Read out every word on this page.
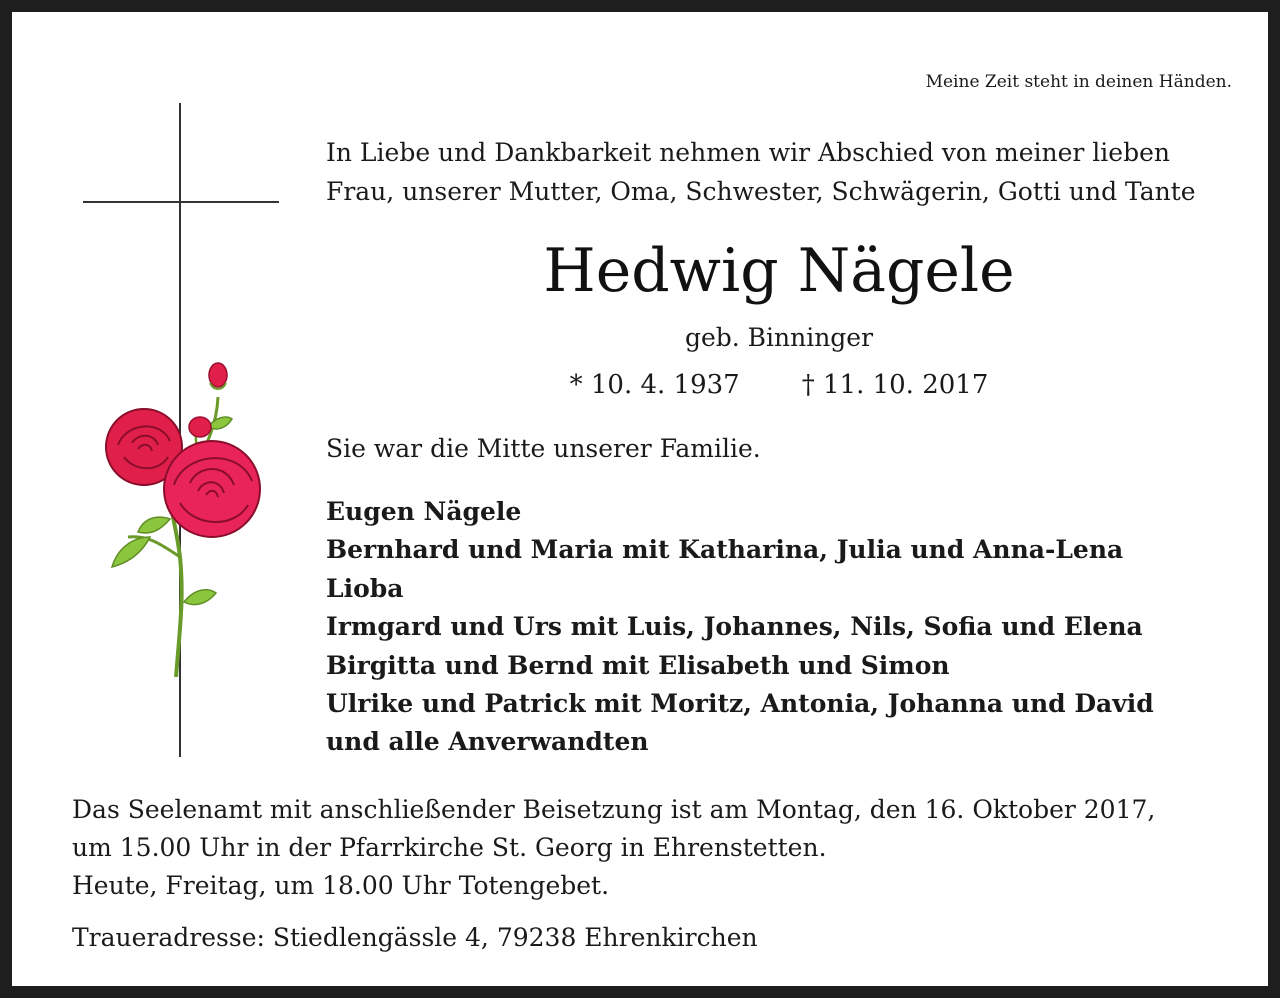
Meine Zeit steht in deinen Händen.
In Liebe und Dankbarkeit nehmen wir Abschied von meiner lieben
Frau, unserer Mutter, Oma, Schwester, Schwägerin, Gotti und Tante
Hedwig Nägele
geb. Binninger
* 10. 4. 1937 † 11. 10. 2017
Sie war die Mitte unserer Familie.
Eugen Nägele
Bernhard und Maria mit Katharina, Julia und Anna-Lena
Lioba
Irmgard und Urs mit Luis, Johannes, Nils, Sofia und Elena
Birgitta und Bernd mit Elisabeth und Simon
Ulrike und Patrick mit Moritz, Antonia, Johanna und David
und alle Anverwandten
Das Seelenamt mit anschließender Beisetzung ist am Montag, den 16. Oktober 2017,
um 15.00 Uhr in der Pfarrkirche St. Georg in Ehrenstetten.
Heute, Freitag, um 18.00 Uhr Totengebet.
Traueradresse: Stiedlengässle 4, 79238 Ehrenkirchen
